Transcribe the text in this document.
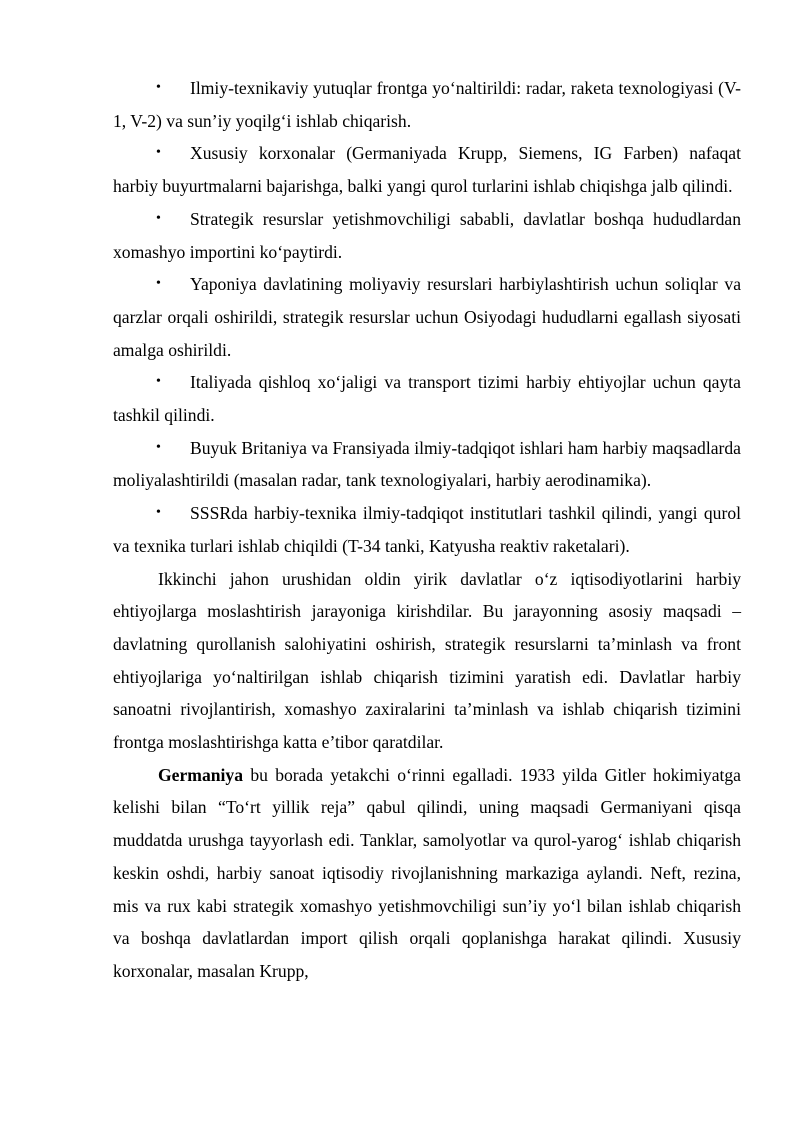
• Ilmiy-texnikaviy yutuqlar frontga yo‘naltirildi: radar, raketa texnologiyasi (V-1, V-2) va sun’iy yoqilg‘i ishlab chiqarish.

• Xususiy korxonalar (Germaniyada Krupp, Siemens, IG Farben) nafaqat harbiy buyurtmalarni bajarishga, balki yangi qurol turlarini ishlab chiqishga jalb qilindi.

• Strategik resurslar yetishmovchiligi sababli, davlatlar boshqa hududlardan xomashyo importini ko‘paytirdi.

• Yaponiya davlatining moliyaviy resurslari harbiylashtirish uchun soliqlar va qarzlar orqali oshirildi, strategik resurslar uchun Osiyodagi hududlarni egallash siyosati amalga oshirildi.

• Italiyada qishloq xo‘jaligi va transport tizimi harbiy ehtiyojlar uchun qayta tashkil qilindi.

• Buyuk Britaniya va Fransiyada ilmiy-tadqiqot ishlari ham harbiy maqsadlarda moliyalashtirildi (masalan radar, tank texnologiyalari, harbiy aerodinamika).

• SSSRda harbiy-texnika ilmiy-tadqiqot institutlari tashkil qilindi, yangi qurol va texnika turlari ishlab chiqildi (T-34 tanki, Katyusha reaktiv raketalari).

Ikkinchi jahon urushidan oldin yirik davlatlar o‘z iqtisodiyotlarini harbiy ehtiyojlarga moslashtirish jarayoniga kirishdilar. Bu jarayonning asosiy maqsadi – davlatning qurollanish salohiyatini oshirish, strategik resurslarni ta’minlash va front ehtiyojlariga yo‘naltirilgan ishlab chiqarish tizimini yaratish edi. Davlatlar harbiy sanoatni rivojlantirish, xomashyo zaxiralarini ta’minlash va ishlab chiqarish tizimini frontga moslashtirishga katta e’tibor qaratdilar.

Germaniya bu borada yetakchi o‘rinni egalladi. 1933 yilda Gitler hokimiyatga kelishi bilan “To‘rt yillik reja” qabul qilindi, uning maqsadi Germaniyani qisqa muddatda urushga tayyorlash edi. Tanklar, samolyotlar va qurol-yarog‘ ishlab chiqarish keskin oshdi, harbiy sanoat iqtisodiy rivojlanishning markaziga aylandi. Neft, rezina, mis va rux kabi strategik xomashyo yetishmovchiligi sun’iy yo‘l bilan ishlab chiqarish va boshqa davlatlardan import qilish orqali qoplanishga harakat qilindi. Xususiy korxonalar, masalan Krupp,
